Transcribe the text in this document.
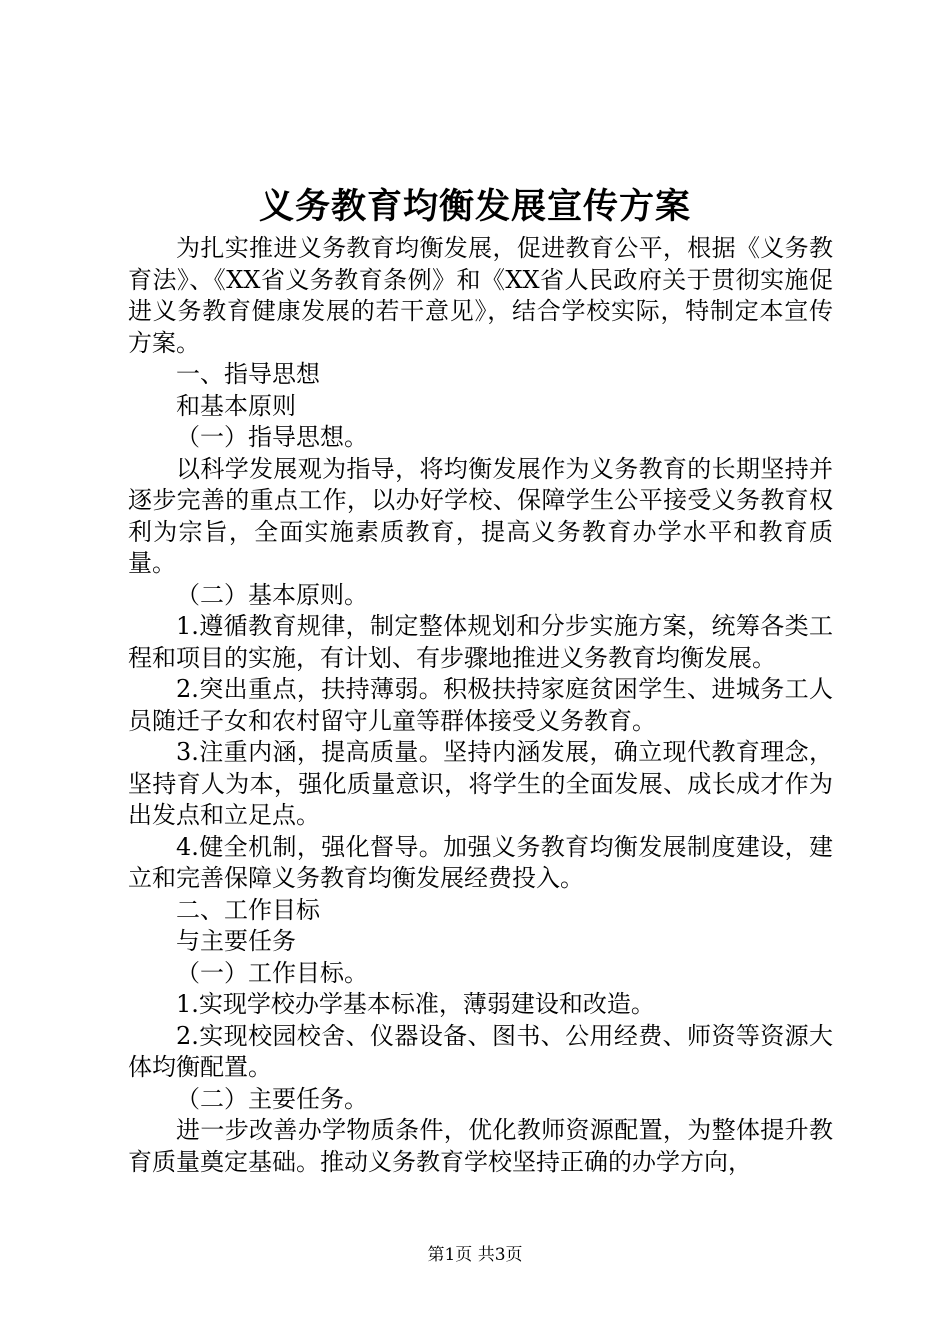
义务教育均衡发展宣传方案

为扎实推进义务教育均衡发展，促进教育公平，根据《义务教育法》、《XX省义务教育条例》和《XX省人民政府关于贯彻实施促进义务教育健康发展的若干意见》，结合学校实际，特制定本宣传方案。

一、指导思想

和基本原则

（一）指导思想。

以科学发展观为指导，将均衡发展作为义务教育的长期坚持并逐步完善的重点工作，以办好学校、保障学生公平接受义务教育权利为宗旨，全面实施素质教育，提高义务教育办学水平和教育质量。

（二）基本原则。

1.遵循教育规律，制定整体规划和分步实施方案，统筹各类工程和项目的实施，有计划、有步骤地推进义务教育均衡发展。

2.突出重点，扶持薄弱。积极扶持家庭贫困学生、进城务工人员随迁子女和农村留守儿童等群体接受义务教育。

3.注重内涵，提高质量。坚持内涵发展，确立现代教育理念，坚持育人为本，强化质量意识，将学生的全面发展、成长成才作为出发点和立足点。

4.健全机制，强化督导。加强义务教育均衡发展制度建设，建立和完善保障义务教育均衡发展经费投入。

二、工作目标

与主要任务

（一）工作目标。

1.实现学校办学基本标准，薄弱建设和改造。

2.实现校园校舍、仪器设备、图书、公用经费、师资等资源大体均衡配置。

（二）主要任务。

进一步改善办学物质条件，优化教师资源配置，为整体提升教育质量奠定基础。推动义务教育学校坚持正确的办学方向，

第1页 共3页
